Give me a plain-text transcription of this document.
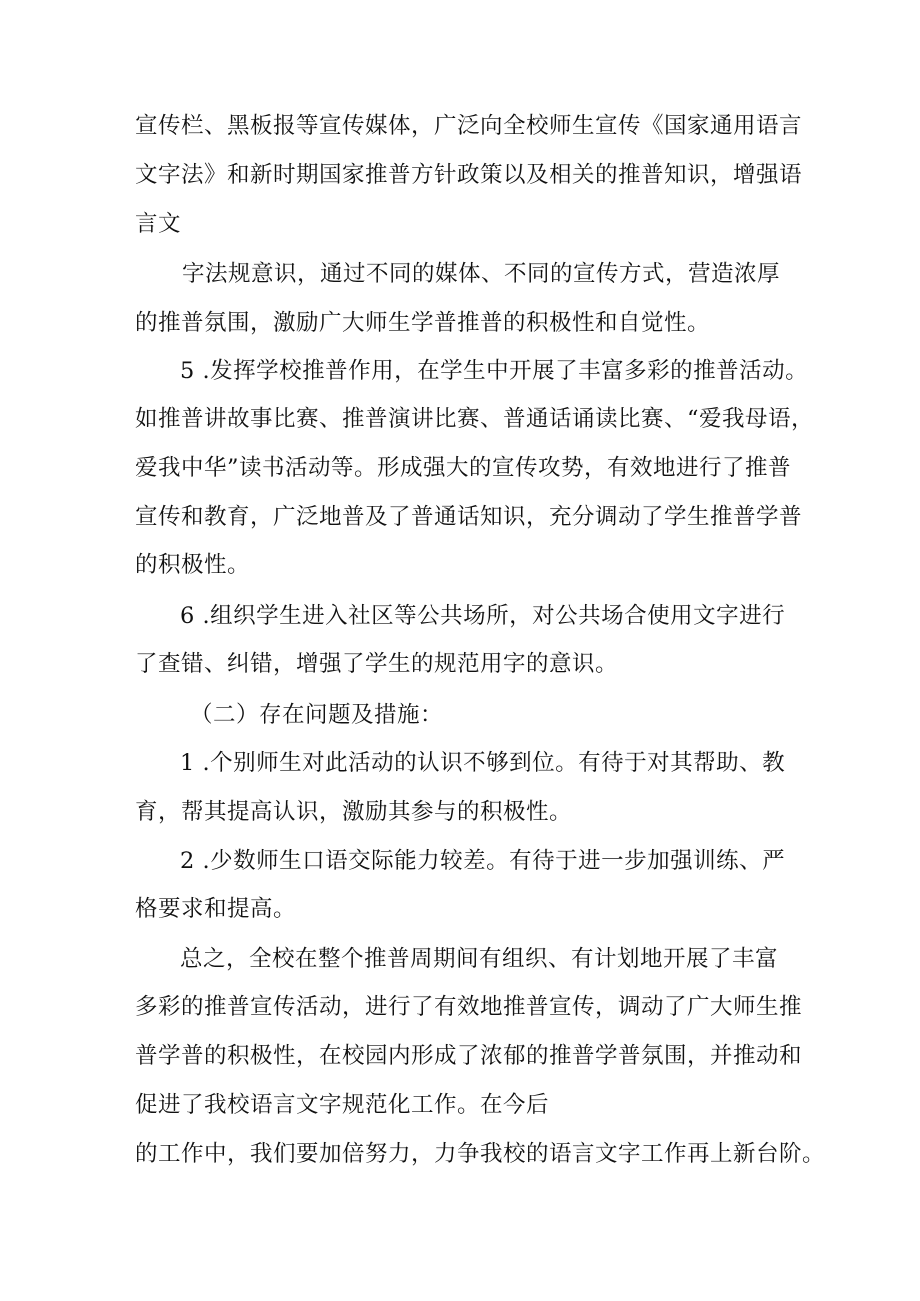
宣传栏、黑板报等宣传媒体，广泛向全校师生宣传《国家通用语言
文字法》和新时期国家推普方针政策以及相关的推普知识，增强语
言文
字法规意识，通过不同的媒体、不同的宣传方式，营造浓厚
的推普氛围，激励广大师生学普推普的积极性和自觉性。
5 .发挥学校推普作用，在学生中开展了丰富多彩的推普活动。
如推普讲故事比赛、推普演讲比赛、普通话诵读比赛、“爱我母语，
爱我中华”读书活动等。形成强大的宣传攻势，有效地进行了推普
宣传和教育，广泛地普及了普通话知识，充分调动了学生推普学普
的积极性。
6 .组织学生进入社区等公共场所，对公共场合使用文字进行
了查错、纠错，增强了学生的规范用字的意识。
（二）存在问题及措施：
1 .个别师生对此活动的认识不够到位。有待于对其帮助、教
育，帮其提高认识，激励其参与的积极性。
2 .少数师生口语交际能力较差。有待于进一步加强训练、严
格要求和提高。
总之，全校在整个推普周期间有组织、有计划地开展了丰富
多彩的推普宣传活动，进行了有效地推普宣传，调动了广大师生推
普学普的积极性，在校园内形成了浓郁的推普学普氛围，并推动和
促进了我校语言文字规范化工作。在今后
的工作中，我们要加倍努力，力争我校的语言文字工作再上新台阶。
